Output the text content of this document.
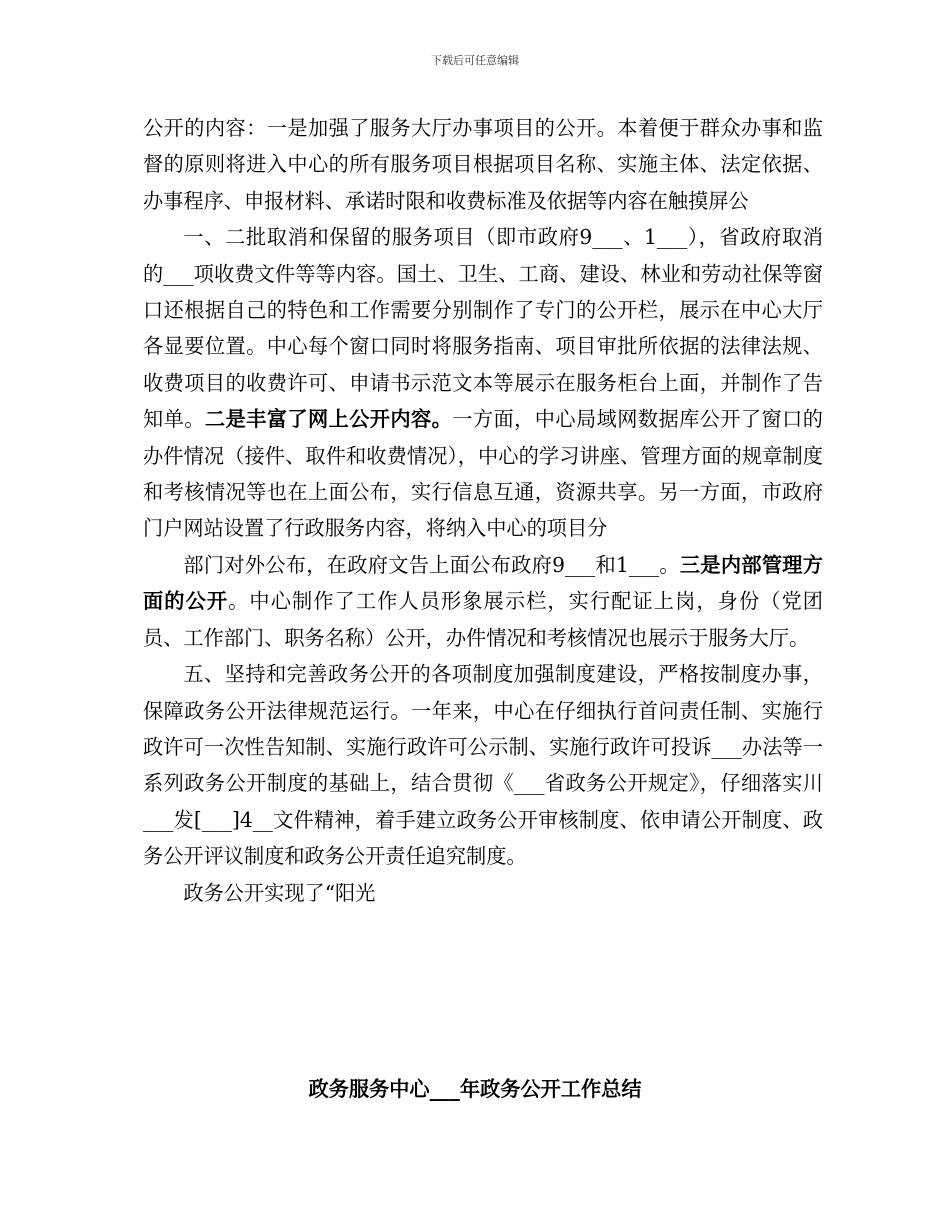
下载后可任意编辑

公开的内容：一是加强了服务大厅办事项目的公开。本着便于群众办事和监督的原则将进入中心的所有服务项目根据项目名称、实施主体、法定依据、办事程序、申报材料、承诺时限和收费标准及依据等内容在触摸屏公

一、二批取消和保留的服务项目（即市政府9___、1___），省政府取消的___项收费文件等等内容。国土、卫生、工商、建设、林业和劳动社保等窗口还根据自己的特色和工作需要分别制作了专门的公开栏，展示在中心大厅各显要位置。中心每个窗口同时将服务指南、项目审批所依据的法律法规、收费项目的收费许可、申请书示范文本等展示在服务柜台上面，并制作了告知单。二是丰富了网上公开内容。一方面，中心局域网数据库公开了窗口的办件情况（接件、取件和收费情况），中心的学习讲座、管理方面的规章制度和考核情况等也在上面公布，实行信息互通，资源共享。另一方面，市政府门户网站设置了行政服务内容，将纳入中心的项目分

部门对外公布，在政府文告上面公布政府9___和1___。三是内部管理方面的公开。中心制作了工作人员形象展示栏，实行配证上岗，身份（党团员、工作部门、职务名称）公开，办件情况和考核情况也展示于服务大厅。

五、坚持和完善政务公开的各项制度加强制度建设，严格按制度办事，保障政务公开法律规范运行。一年来，中心在仔细执行首问责任制、实施行政许可一次性告知制、实施行政许可公示制、实施行政许可投诉___办法等一系列政务公开制度的基础上，结合贯彻《___省政务公开规定》，仔细落实川___发[___]4__文件精神，着手建立政务公开审核制度、依申请公开制度、政务公开评议制度和政务公开责任追究制度。

政务公开实现了“阳光

政务服务中心___年政务公开工作总结
